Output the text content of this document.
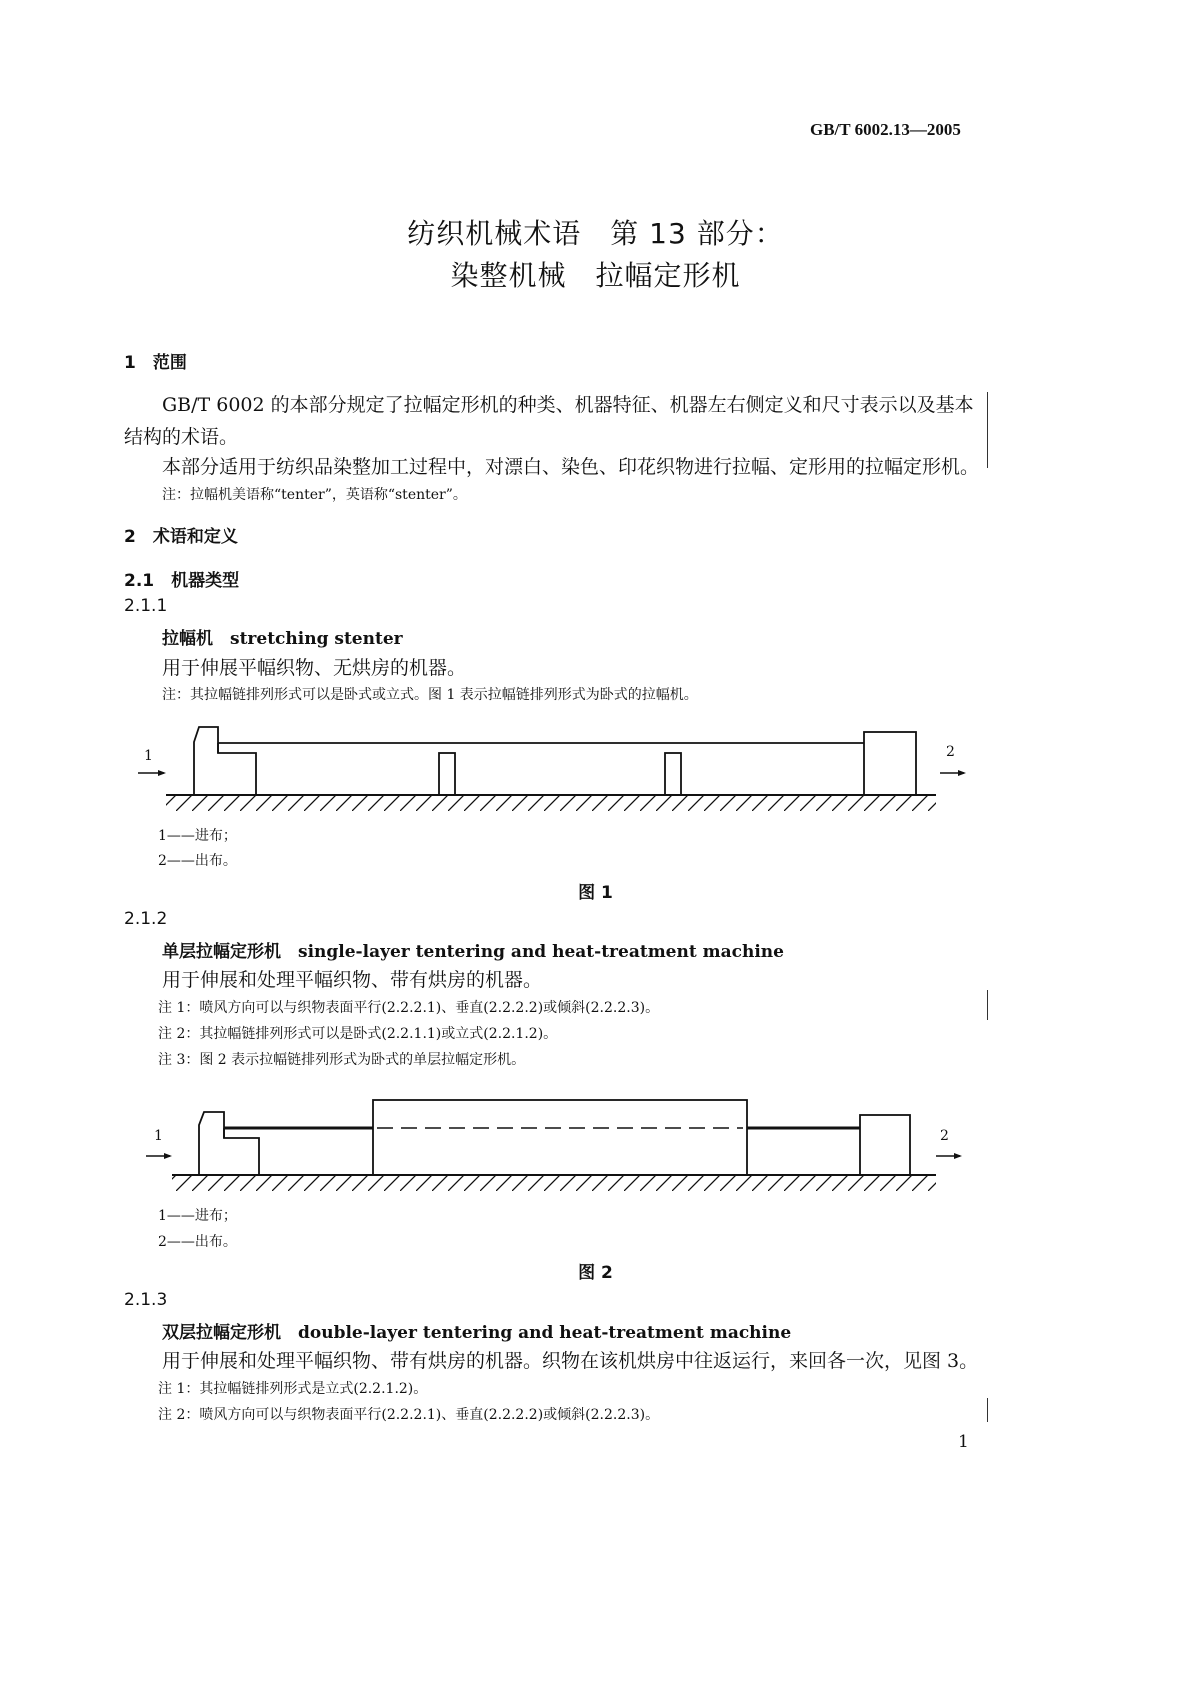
GB/T 6002.13—2005
纺织机械术语　第 13 部分：
染整机械　拉幅定形机
1　范围
GB/T 6002 的本部分规定了拉幅定形机的种类、机器特征、机器左右侧定义和尺寸表示以及基本
结构的术语。
本部分适用于纺织品染整加工过程中，对漂白、染色、印花织物进行拉幅、定形用的拉幅定形机。
注：拉幅机美语称“tenter”，英语称“stenter”。
2　术语和定义
2.1　机器类型
2.1.1
拉幅机　stretching stenter
用于伸展平幅织物、无烘房的机器。
注：其拉幅链排列形式可以是卧式或立式。图 1 表示拉幅链排列形式为卧式的拉幅机。
1	2
1——进布；
2——出布。
图 1
2.1.2
单层拉幅定形机　single-layer tentering and heat-treatment machine
用于伸展和处理平幅织物、带有烘房的机器。
注 1：喷风方向可以与织物表面平行(2.2.2.1)、垂直(2.2.2.2)或倾斜(2.2.2.3)。
注 2：其拉幅链排列形式可以是卧式(2.2.1.1)或立式(2.2.1.2)。
注 3：图 2 表示拉幅链排列形式为卧式的单层拉幅定形机。
1	2
1——进布；
2——出布。
图 2
2.1.3
双层拉幅定形机　double-layer tentering and heat-treatment machine
用于伸展和处理平幅织物、带有烘房的机器。织物在该机烘房中往返运行，来回各一次，见图 3。
注 1：其拉幅链排列形式是立式(2.2.1.2)。
注 2：喷风方向可以与织物表面平行(2.2.2.1)、垂直(2.2.2.2)或倾斜(2.2.2.3)。
1
